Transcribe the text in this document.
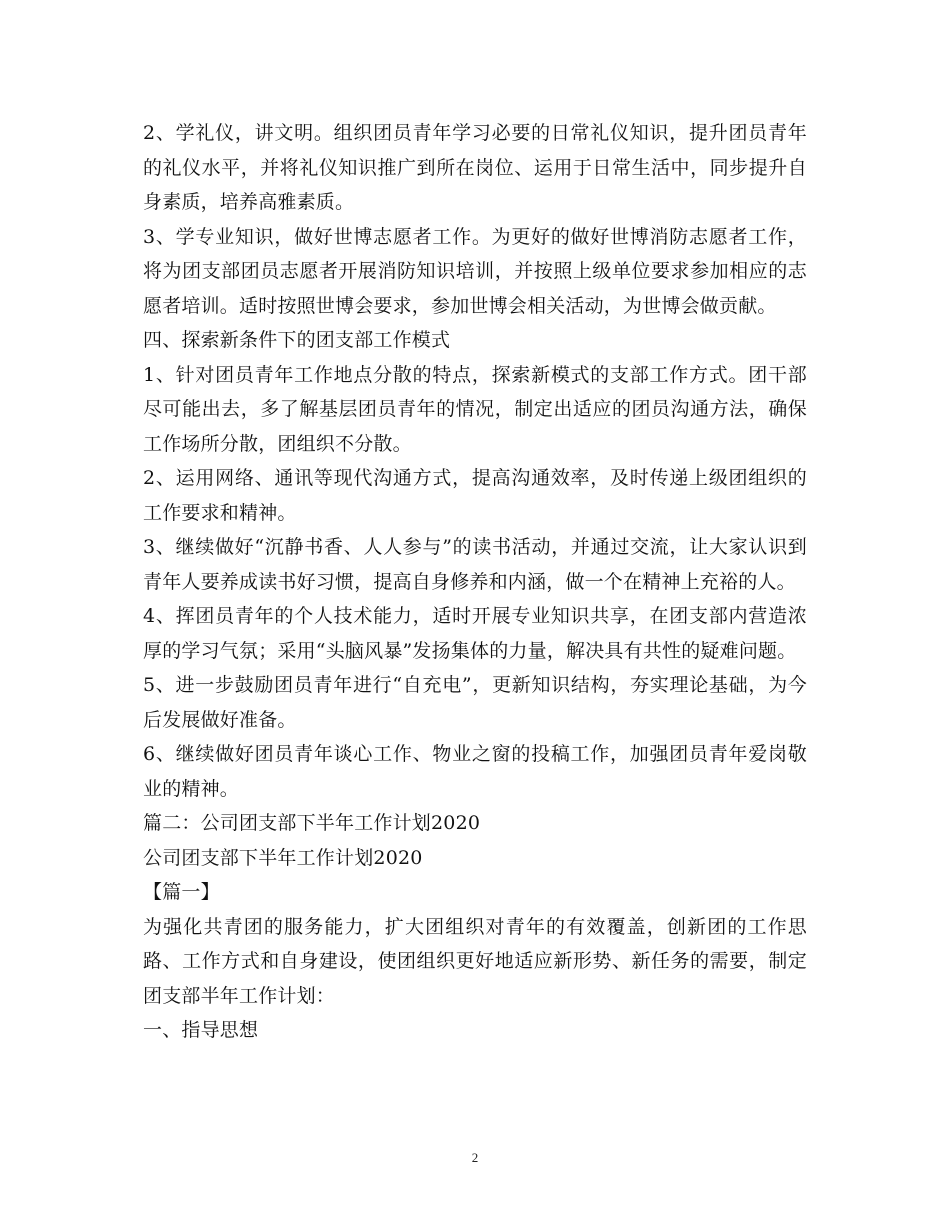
2、学礼仪，讲文明。组织团员青年学习必要的日常礼仪知识，提升团员青年的礼仪水平，并将礼仪知识推广到所在岗位、运用于日常生活中，同步提升自身素质，培养高雅素质。

3、学专业知识，做好世博志愿者工作。为更好的做好世博消防志愿者工作，将为团支部团员志愿者开展消防知识培训，并按照上级单位要求参加相应的志愿者培训。适时按照世博会要求，参加世博会相关活动，为世博会做贡献。

四、探索新条件下的团支部工作模式

1、针对团员青年工作地点分散的特点，探索新模式的支部工作方式。团干部尽可能出去，多了解基层团员青年的情况，制定出适应的团员沟通方法，确保工作场所分散，团组织不分散。

2、运用网络、通讯等现代沟通方式，提高沟通效率，及时传递上级团组织的工作要求和精神。

3、继续做好“沉静书香、人人参与”的读书活动，并通过交流，让大家认识到青年人要养成读书好习惯，提高自身修养和内涵，做一个在精神上充裕的人。

4、挥团员青年的个人技术能力，适时开展专业知识共享，在团支部内营造浓厚的学习气氛；采用“头脑风暴”发扬集体的力量，解决具有共性的疑难问题。

5、进一步鼓励团员青年进行“自充电”，更新知识结构，夯实理论基础，为今后发展做好准备。

6、继续做好团员青年谈心工作、物业之窗的投稿工作，加强团员青年爱岗敬业的精神。

篇二：公司团支部下半年工作计划2020

公司团支部下半年工作计划2020

【篇一】

为强化共青团的服务能力，扩大团组织对青年的有效覆盖，创新团的工作思路、工作方式和自身建设，使团组织更好地适应新形势、新任务的需要，制定团支部半年工作计划：

一、指导思想

2
